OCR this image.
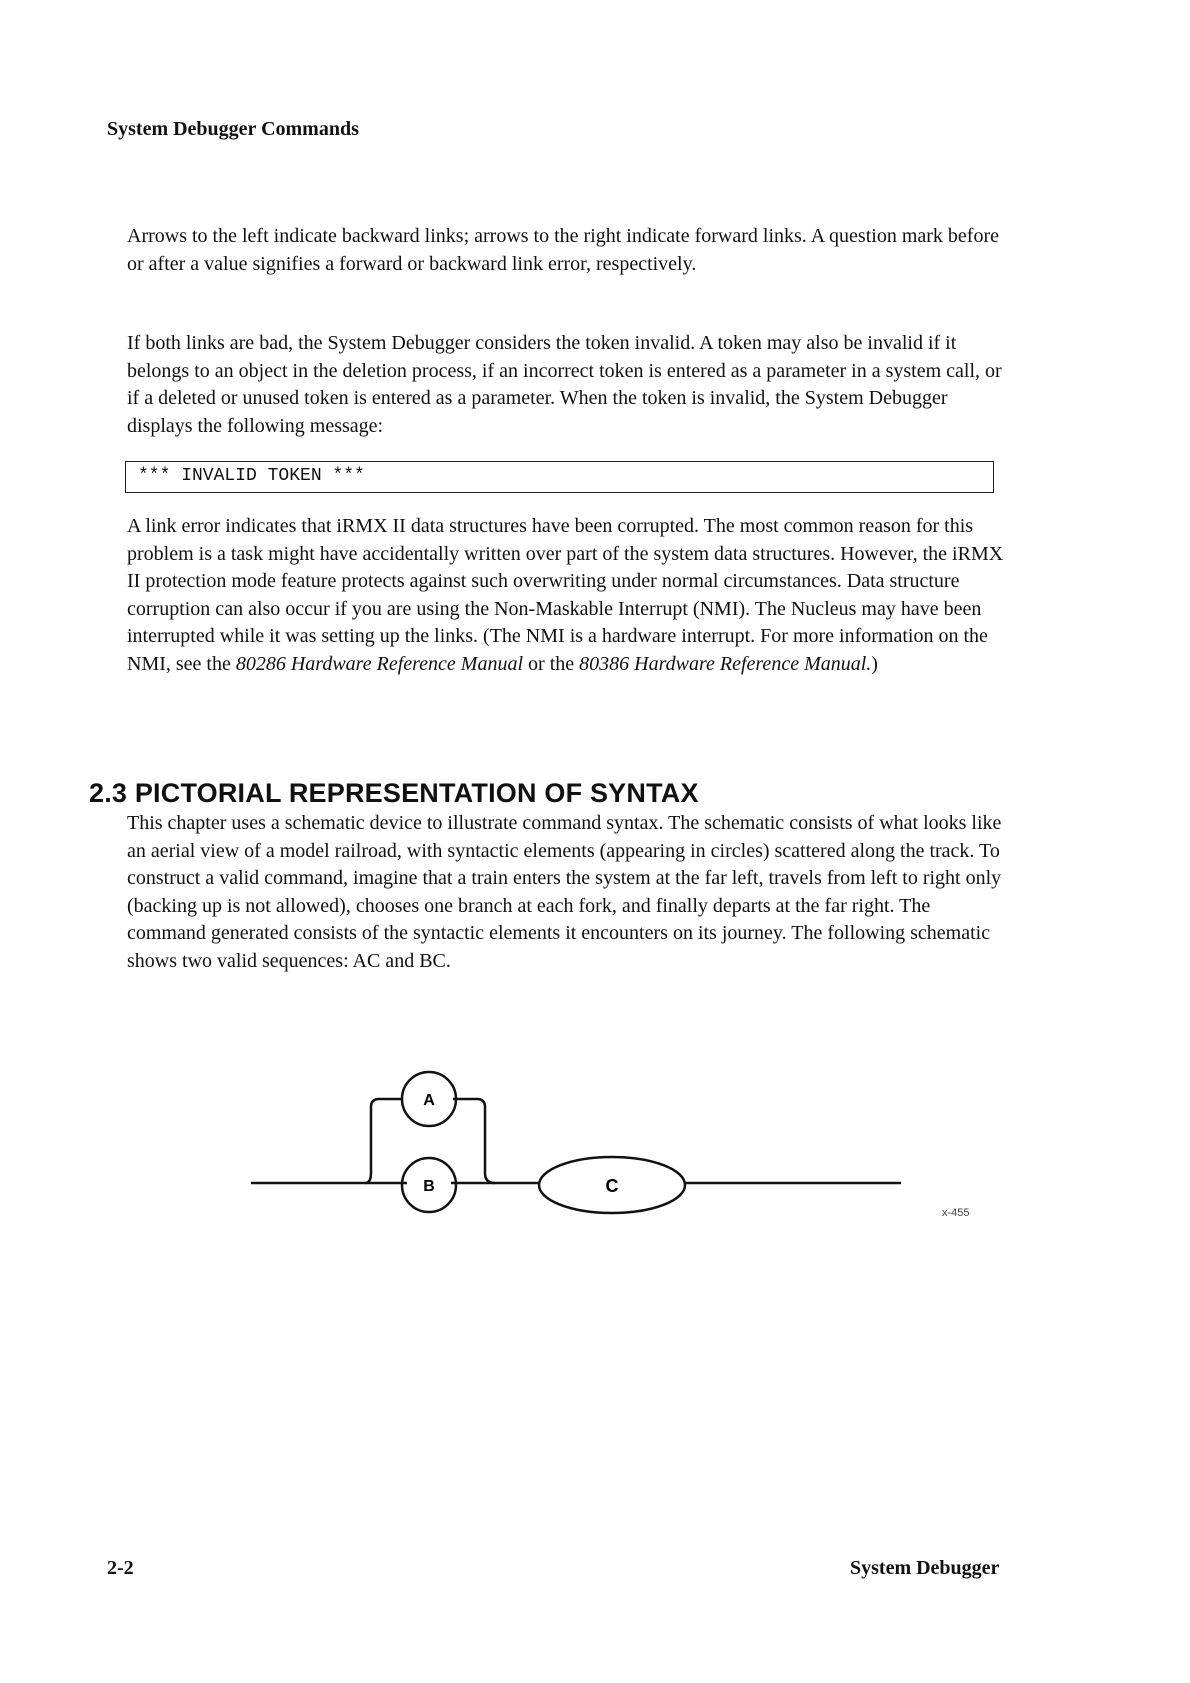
System Debugger Commands

Arrows to the left indicate backward links; arrows to the right indicate forward links. A question mark before or after a value signifies a forward or backward link error, respectively.

If both links are bad, the System Debugger considers the token invalid. A token may also be invalid if it belongs to an object in the deletion process, if an incorrect token is entered as a parameter in a system call, or if a deleted or unused token is entered as a parameter. When the token is invalid, the System Debugger displays the following message:

*** INVALID TOKEN ***

A link error indicates that iRMX II data structures have been corrupted. The most common reason for this problem is a task might have accidentally written over part of the system data structures. However, the iRMX II protection mode feature protects against such overwriting under normal circumstances. Data structure corruption can also occur if you are using the Non-Maskable Interrupt (NMI). The Nucleus may have been interrupted while it was setting up the links. (The NMI is a hardware interrupt. For more information on the NMI, see the 80286 Hardware Reference Manual or the 80386 Hardware Reference Manual.)

2.3 PICTORIAL REPRESENTATION OF SYNTAX

This chapter uses a schematic device to illustrate command syntax. The schematic consists of what looks like an aerial view of a model railroad, with syntactic elements (appearing in circles) scattered along the track. To construct a valid command, imagine that a train enters the system at the far left, travels from left to right only (backing up is not allowed), chooses one branch at each fork, and finally departs at the far right. The command generated consists of the syntactic elements it encounters on its journey. The following schematic shows two valid sequences: AC and BC.

A
B	C
x-455
2-2	System Debugger
